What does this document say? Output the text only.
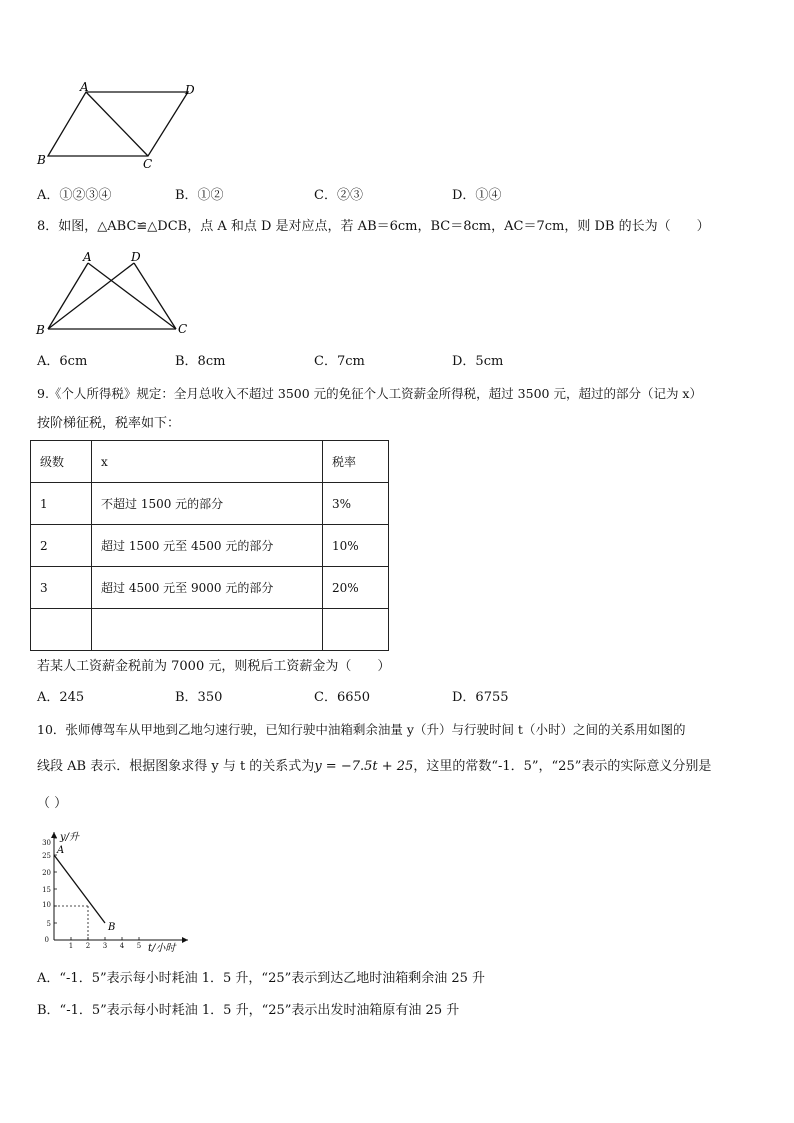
A	D
B	C
A．①②③④	B．①②	C．②③	D．①④
8．如图，△ABC≌△DCB，点 A 和点 D 是对应点，若 AB＝6cm，BC＝8cm，AC＝7cm，则 DB 的长为（　　）
A	D
B	C
A．6cm	B．8cm	C．7cm	D．5cm
9.《个人所得税》规定：全月总收入不超过 3500 元的免征个人工资薪金所得税，超过 3500 元，超过的部分（记为 x）
按阶梯征税，税率如下：
级数	x	税率
1	不超过 1500 元的部分	3%
2	超过 1500 元至 4500 元的部分	10%
3	超过 4500 元至 9000 元的部分	20%

若某人工资薪金税前为 7000 元，则税后工资薪金为（　　）
A．245	B．350	C．6650	D．6755
10．张师傅驾车从甲地到乙地匀速行驶，已知行驶中油箱剩余油量 y（升）与行驶时间 t（小时）之间的关系用如图的
线段 AB 表示．根据图象求得 y 与 t 的关系式为y = −7.5t + 25，这里的常数“-1．5”，“25”表示的实际意义分别是
（ ）
0
5
10
15
20
25
30
1 2 3 4 5
y/升
t/小时
A
B
A．“-1．5”表示每小时耗油 1．5 升，“25”表示到达乙地时油箱剩余油 25 升
B．“-1．5”表示每小时耗油 1．5 升，“25”表示出发时油箱原有油 25 升
